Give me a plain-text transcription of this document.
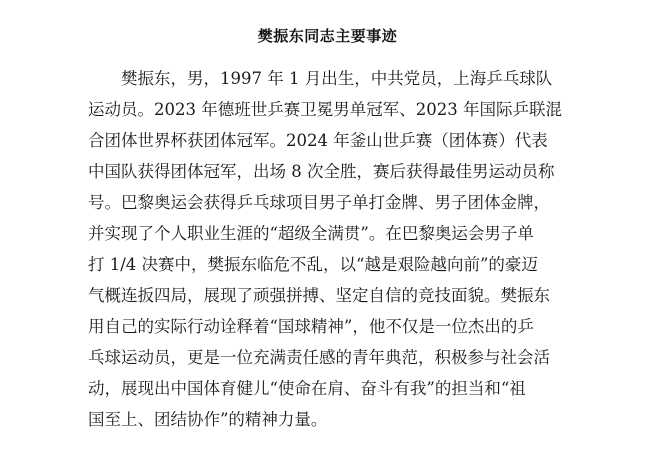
樊振东同志主要事迹
樊振东，男，1997 年 1 月出生，中共党员，上海乒乓球队
运动员。2023 年德班世乒赛卫冕男单冠军、2023 年国际乒联混
合团体世界杯获团体冠军。2024 年釜山世乒赛（团体赛）代表
中国队获得团体冠军，出场 8 次全胜，赛后获得最佳男运动员称
号。巴黎奥运会获得乒乓球项目男子单打金牌、男子团体金牌，
并实现了个人职业生涯的“超级全满贯”。在巴黎奥运会男子单
打 1/4 决赛中，樊振东临危不乱，以“越是艰险越向前”的豪迈
气概连扳四局，展现了顽强拼搏、坚定自信的竞技面貌。樊振东
用自己的实际行动诠释着“国球精神”，他不仅是一位杰出的乒
乓球运动员，更是一位充满责任感的青年典范，积极参与社会活
动，展现出中国体育健儿“使命在肩、奋斗有我”的担当和“祖
国至上、团结协作”的精神力量。
